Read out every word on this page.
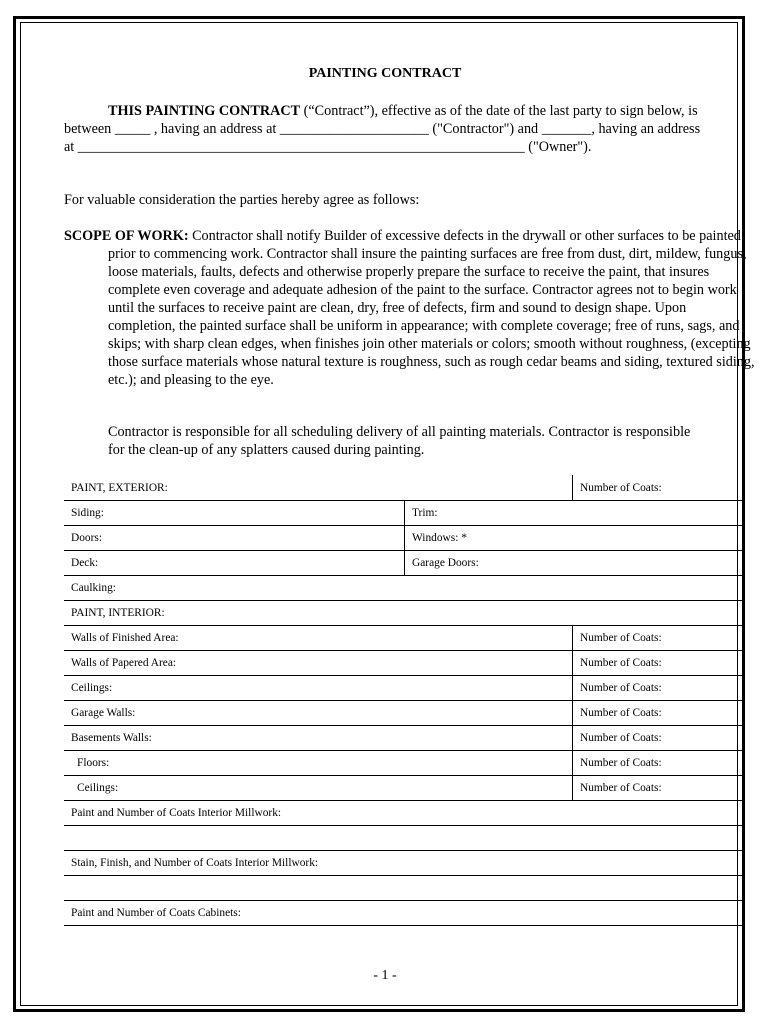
PAINTING CONTRACT

THIS PAINTING CONTRACT (“Contract”), effective as of the date of the last party to sign below, is between _____ , having an address at _____________________ ("Contractor") and _______, having an address at _______________________________________________________________ ("Owner").

For valuable consideration the parties hereby agree as follows:

SCOPE OF WORK: Contractor shall notify Builder of excessive defects in the drywall or other surfaces to be painted prior to commencing work. Contractor shall insure the painting surfaces are free from dust, dirt, mildew, fungus, loose materials, faults, defects and otherwise properly prepare the surface to receive the paint, that insures complete even coverage and adequate adhesion of the paint to the surface. Contractor agrees not to begin work until the surfaces to receive paint are clean, dry, free of defects, firm and sound to design shape. Upon completion, the painted surface shall be uniform in appearance; with complete coverage; free of runs, sags, and skips; with sharp clean edges, when finishes join other materials or colors; smooth without roughness, (excepting those surface materials whose natural texture is roughness, such as rough cedar beams and siding, textured siding, etc.); and pleasing to the eye.

Contractor is responsible for all scheduling delivery of all painting materials. Contractor is responsible for the clean-up of any splatters caused during painting.

PAINT, EXTERIOR:	Number of Coats:
Siding:	Trim:
Doors:	Windows: *
Deck:	Garage Doors:
Caulking:
PAINT, INTERIOR:
Walls of Finished Area:	Number of Coats:
Walls of Papered Area:	Number of Coats:
Ceilings:	Number of Coats:
Garage Walls:	Number of Coats:
Basements Walls:	Number of Coats:
Floors:	Number of Coats:
Ceilings:	Number of Coats:
Paint and Number of Coats Interior Millwork:
Stain, Finish, and Number of Coats Interior Millwork:
Paint and Number of Coats Cabinets:
- 1 -
